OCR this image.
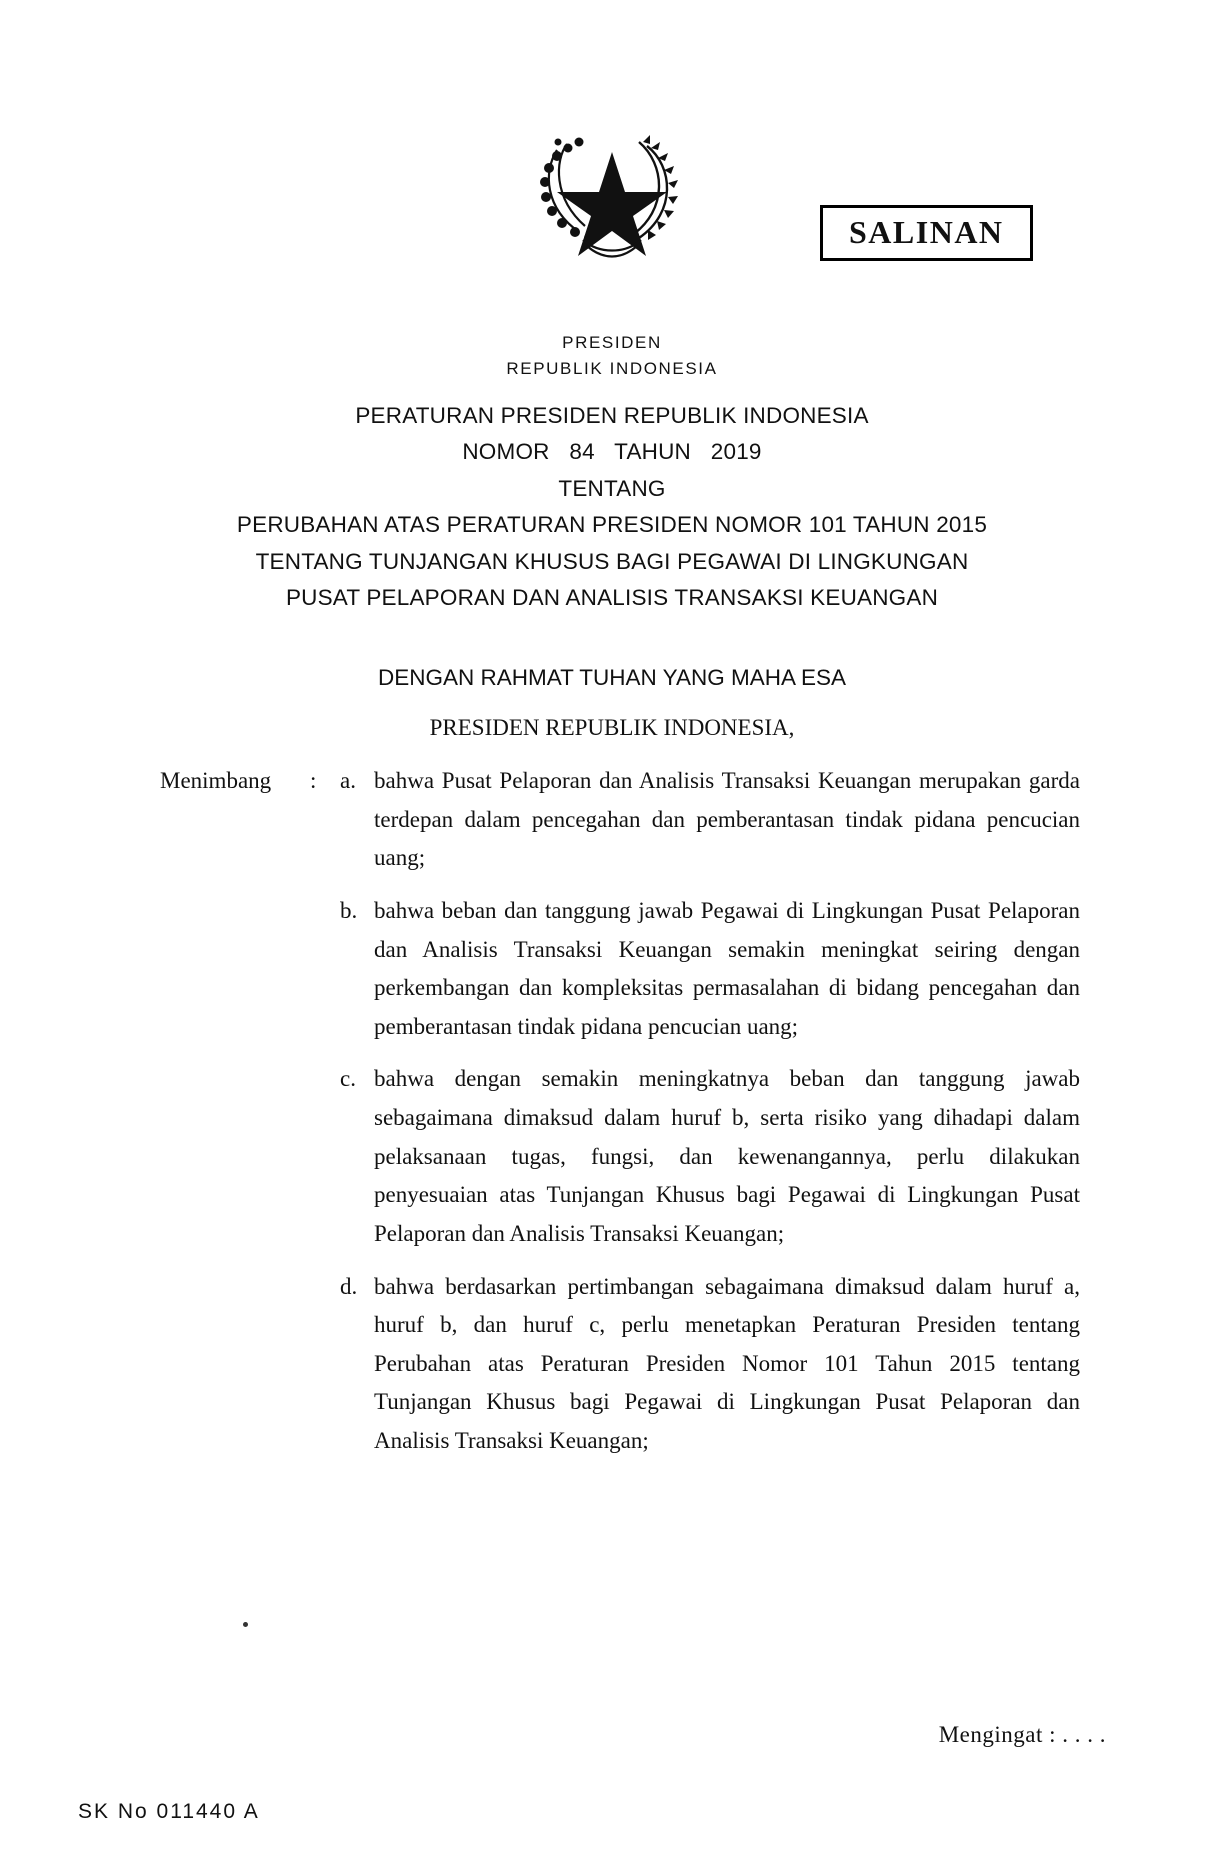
SALINAN
PRESIDEN
REPUBLIK INDONESIA
PERATURAN PRESIDEN REPUBLIK INDONESIA
NOMOR 84 TAHUN 2019
TENTANG
PERUBAHAN ATAS PERATURAN PRESIDEN NOMOR 101 TAHUN 2015
TENTANG TUNJANGAN KHUSUS BAGI PEGAWAI DI LINGKUNGAN
PUSAT PELAPORAN DAN ANALISIS TRANSAKSI KEUANGAN
DENGAN RAHMAT TUHAN YANG MAHA ESA
PRESIDEN REPUBLIK INDONESIA,
Menimbang	:	a. bahwa Pusat Pelaporan dan Analisis Transaksi Keuangan merupakan garda terdepan dalam pencegahan dan pemberantasan tindak pidana pencucian uang;
b. bahwa beban dan tanggung jawab Pegawai di Lingkungan Pusat Pelaporan dan Analisis Transaksi Keuangan semakin meningkat seiring dengan perkembangan dan kompleksitas permasalahan di bidang pencegahan dan pemberantasan tindak pidana pencucian uang;
c. bahwa dengan semakin meningkatnya beban dan tanggung jawab sebagaimana dimaksud dalam huruf b, serta risiko yang dihadapi dalam pelaksanaan tugas, fungsi, dan kewenangannya, perlu dilakukan penyesuaian atas Tunjangan Khusus bagi Pegawai di Lingkungan Pusat Pelaporan dan Analisis Transaksi Keuangan;
d. bahwa berdasarkan pertimbangan sebagaimana dimaksud dalam huruf a, huruf b, dan huruf c, perlu menetapkan Peraturan Presiden tentang Perubahan atas Peraturan Presiden Nomor 101 Tahun 2015 tentang Tunjangan Khusus bagi Pegawai di Lingkungan Pusat Pelaporan dan Analisis Transaksi Keuangan;
Mengingat : . . . .
SK No 011440 A
